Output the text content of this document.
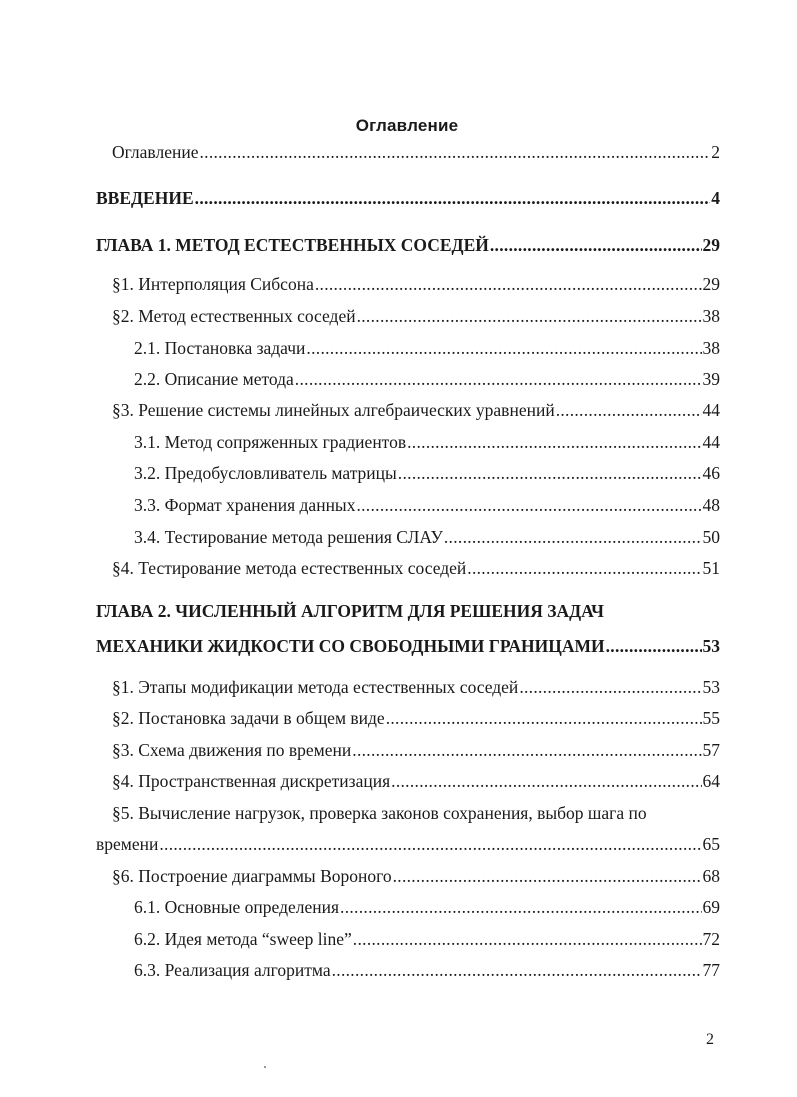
Оглавление
Оглавление .....	2
ВВЕДЕНИЕ .....	4
ГЛАВА 1. МЕТОД ЕСТЕСТВЕННЫХ СОСЕДЕЙ .....	29
§1. Интерполяция Сибсона .....	29
§2. Метод естественных соседей .....	38
2.1. Постановка задачи .....	38
2.2. Описание метода .....	39
§3. Решение системы линейных алгебраических уравнений .....	44
3.1. Метод сопряженных градиентов .....	44
3.2. Предобусловливатель матрицы .....	46
3.3. Формат хранения данных .....	48
3.4. Тестирование метода решения СЛАУ .....	50
§4. Тестирование метода естественных соседей .....	51
ГЛАВА 2. ЧИСЛЕННЫЙ АЛГОРИТМ ДЛЯ РЕШЕНИЯ ЗАДАЧ
МЕХАНИКИ ЖИДКОСТИ СО СВОБОДНЫМИ ГРАНИЦАМИ .....	53
§1. Этапы модификации метода естественных соседей .....	53
§2. Постановка задачи в общем виде .....	55
§3. Схема движения по времени .....	57
§4. Пространственная дискретизация .....	64
§5. Вычисление нагрузок, проверка законов сохранения, выбор шага по
времени .....	65
§6. Построение диаграммы Вороного .....	68
6.1. Основные определения .....	69
6.2. Идея метода “sweep line” .....	72
6.3. Реализация алгоритма .....	77
2
